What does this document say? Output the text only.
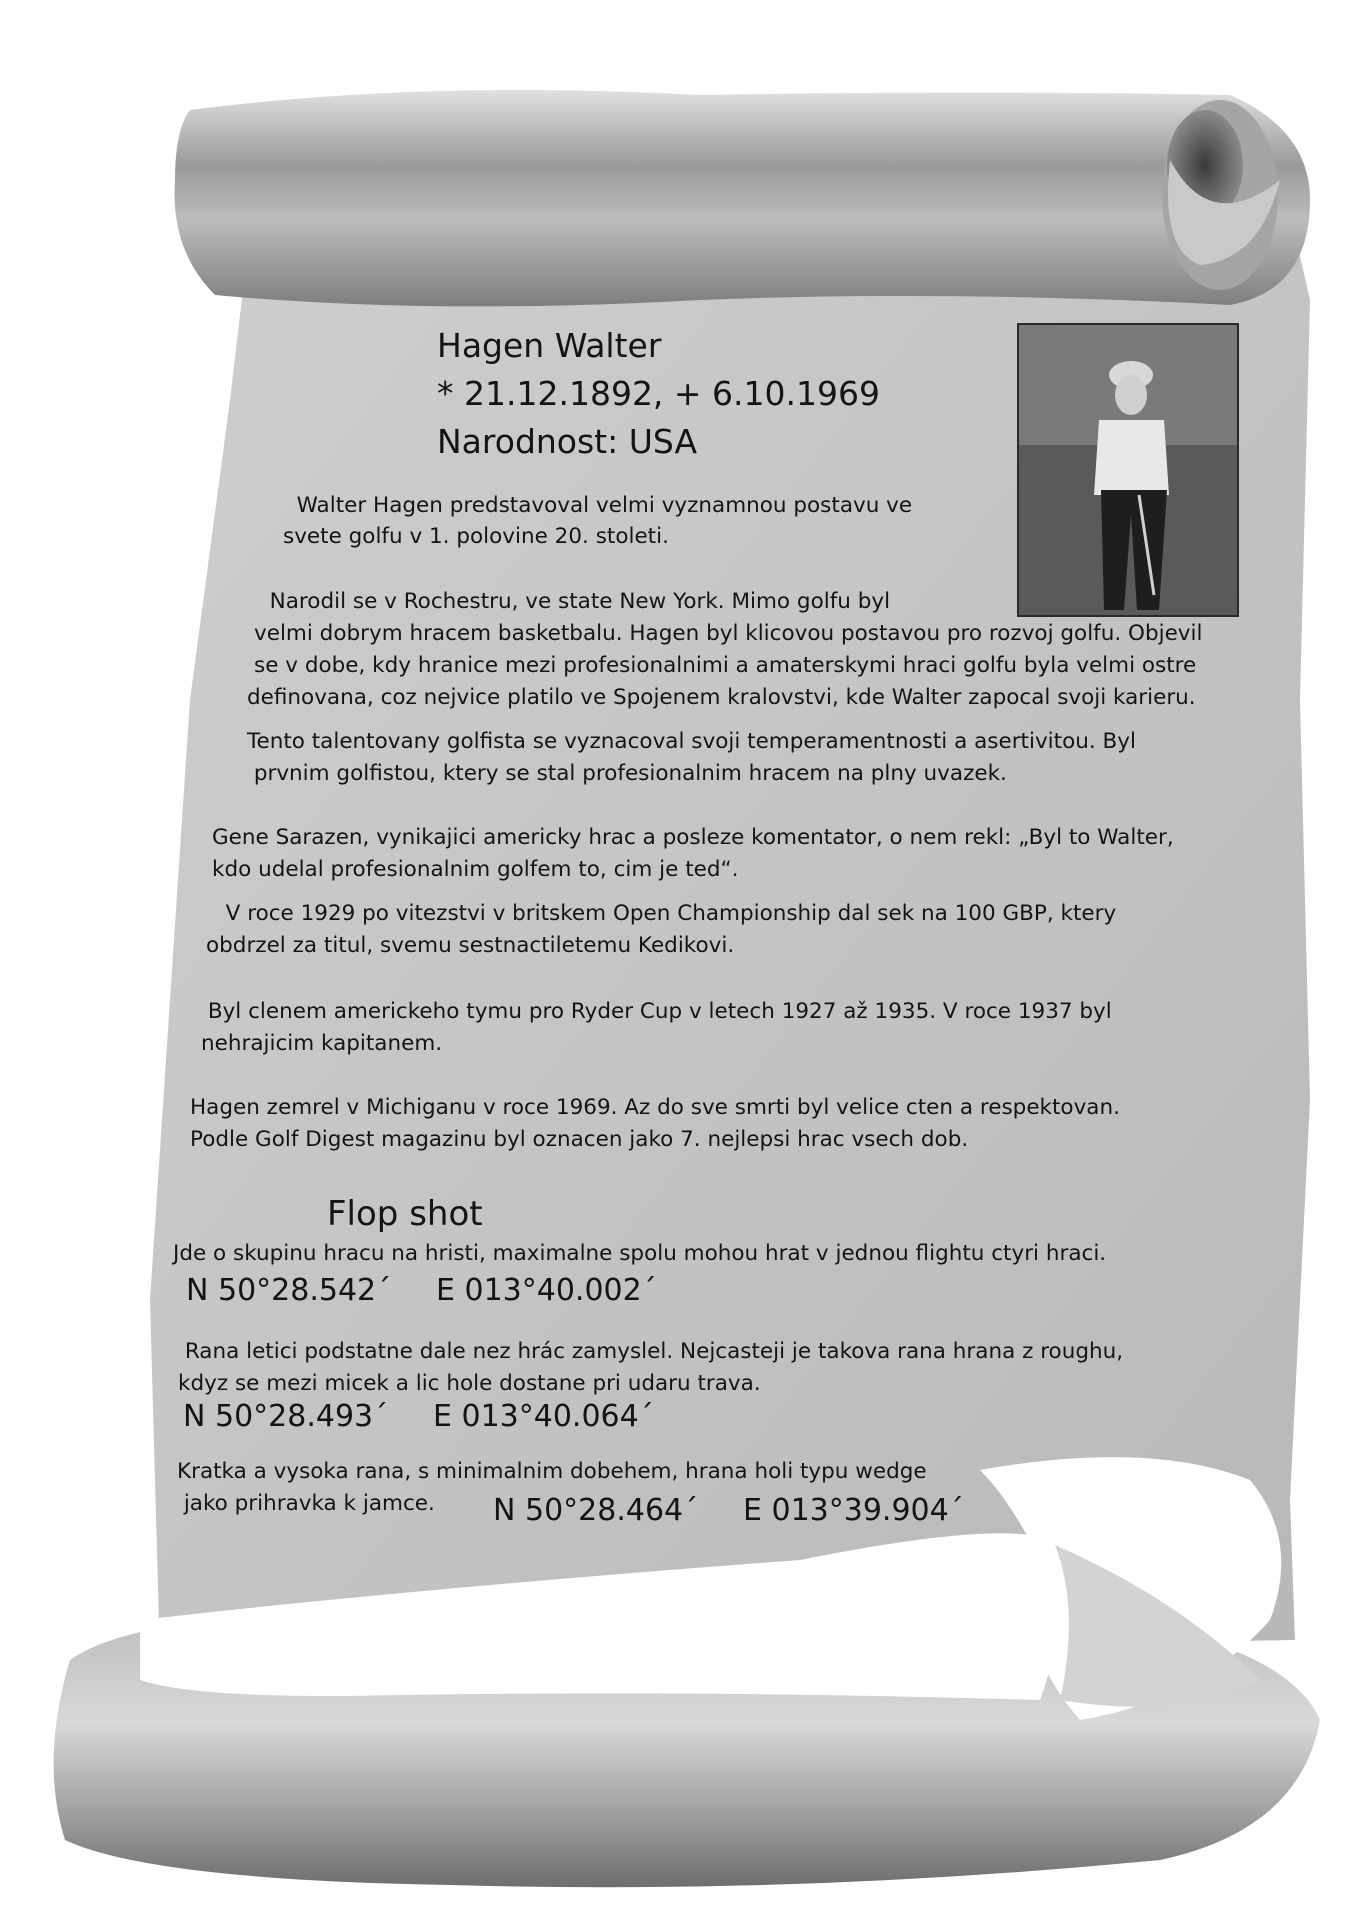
Hagen Walter
* 21.12.1892, + 6.10.1969
Narodnost: USA
Walter Hagen predstavoval velmi vyznamnou postavu ve
svete golfu v 1. polovine 20. stoleti.
Narodil se v Rochestru, ve state New York. Mimo golfu byl
velmi dobrym hracem basketbalu. Hagen byl klicovou postavou pro rozvoj golfu. Objevil
se v dobe, kdy hranice mezi profesionalnimi a amaterskymi hraci golfu byla velmi ostre
definovana, coz nejvice platilo ve Spojenem kralovstvi, kde Walter zapocal svoji karieru.
Tento talentovany golfista se vyznacoval svoji temperamentnosti a asertivitou. Byl
prvnim golfistou, ktery se stal profesionalnim hracem na plny uvazek.
Gene Sarazen, vynikajici americky hrac a posleze komentator, o nem rekl: „Byl to Walter,
kdo udelal profesionalnim golfem to, cim je ted“.
V roce 1929 po vitezstvi v britskem Open Championship dal sek na 100 GBP, ktery
obdrzel za titul, svemu sestnactiletemu Kedikovi.
Byl clenem americkeho tymu pro Ryder Cup v letech 1927 až 1935. V roce 1937 byl
nehrajicim kapitanem.
Hagen zemrel v Michiganu v roce 1969. Az do sve smrti byl velice cten a respektovan.
Podle Golf Digest magazinu byl oznacen jako 7. nejlepsi hrac vsech dob.
Flop shot
Jde o skupinu hracu na hristi, maximalne spolu mohou hrat v jednou flightu ctyri hraci.
N 50°28.542´ E 013°40.002´
Rana letici podstatne dale nez hrác zamyslel. Nejcasteji je takova rana hrana z roughu,
kdyz se mezi micek a lic hole dostane pri udaru trava.
N 50°28.493´ E 013°40.064´
Kratka a vysoka rana, s minimalnim dobehem, hrana holi typu wedge
jako prihravka k jamce. N 50°28.464´ E 013°39.904´
